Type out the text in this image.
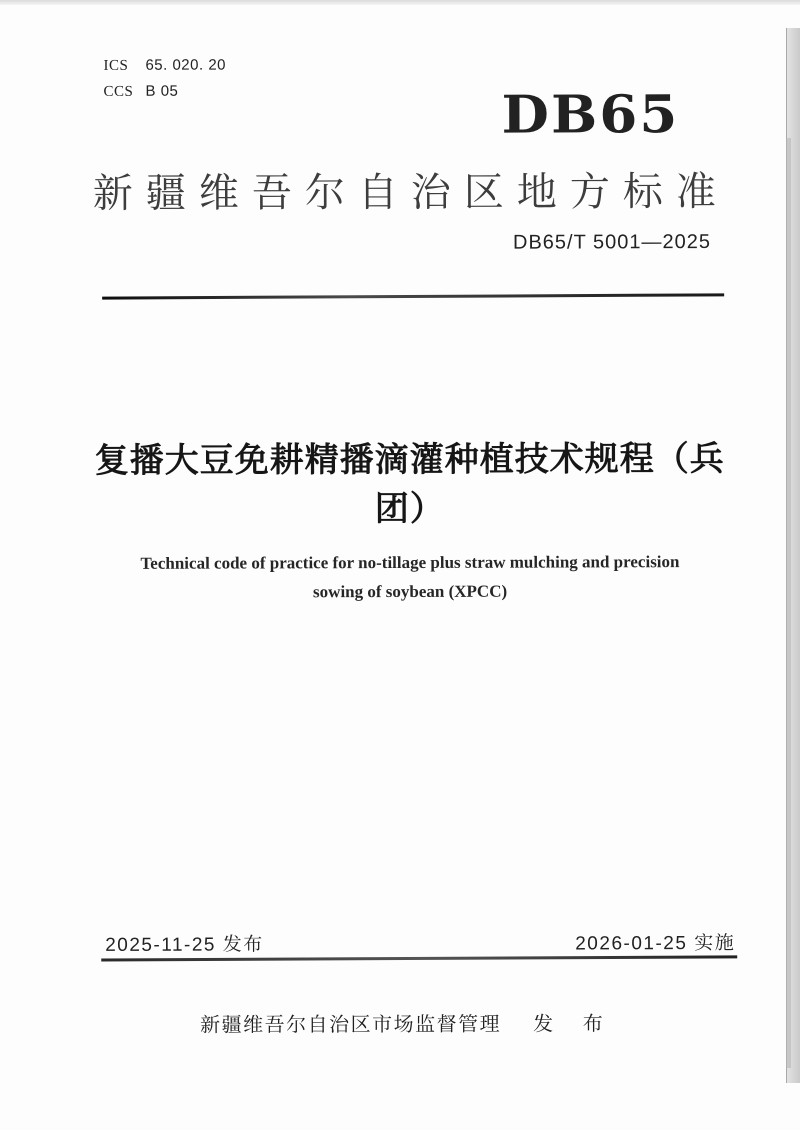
ICS 65. 020. 20
CCS B 05	DB65
新疆维吾尔自治区地方标准
DB65/T 5001—2025
复播大豆免耕精播滴灌种植技术规程（兵
团）
Technical code of practice for no-tillage plus straw mulching and precision
sowing of soybean (XPCC)
2025-11-25 发布	2026-01-25 实施
新疆维吾尔自治区市场监督管理 发 布
